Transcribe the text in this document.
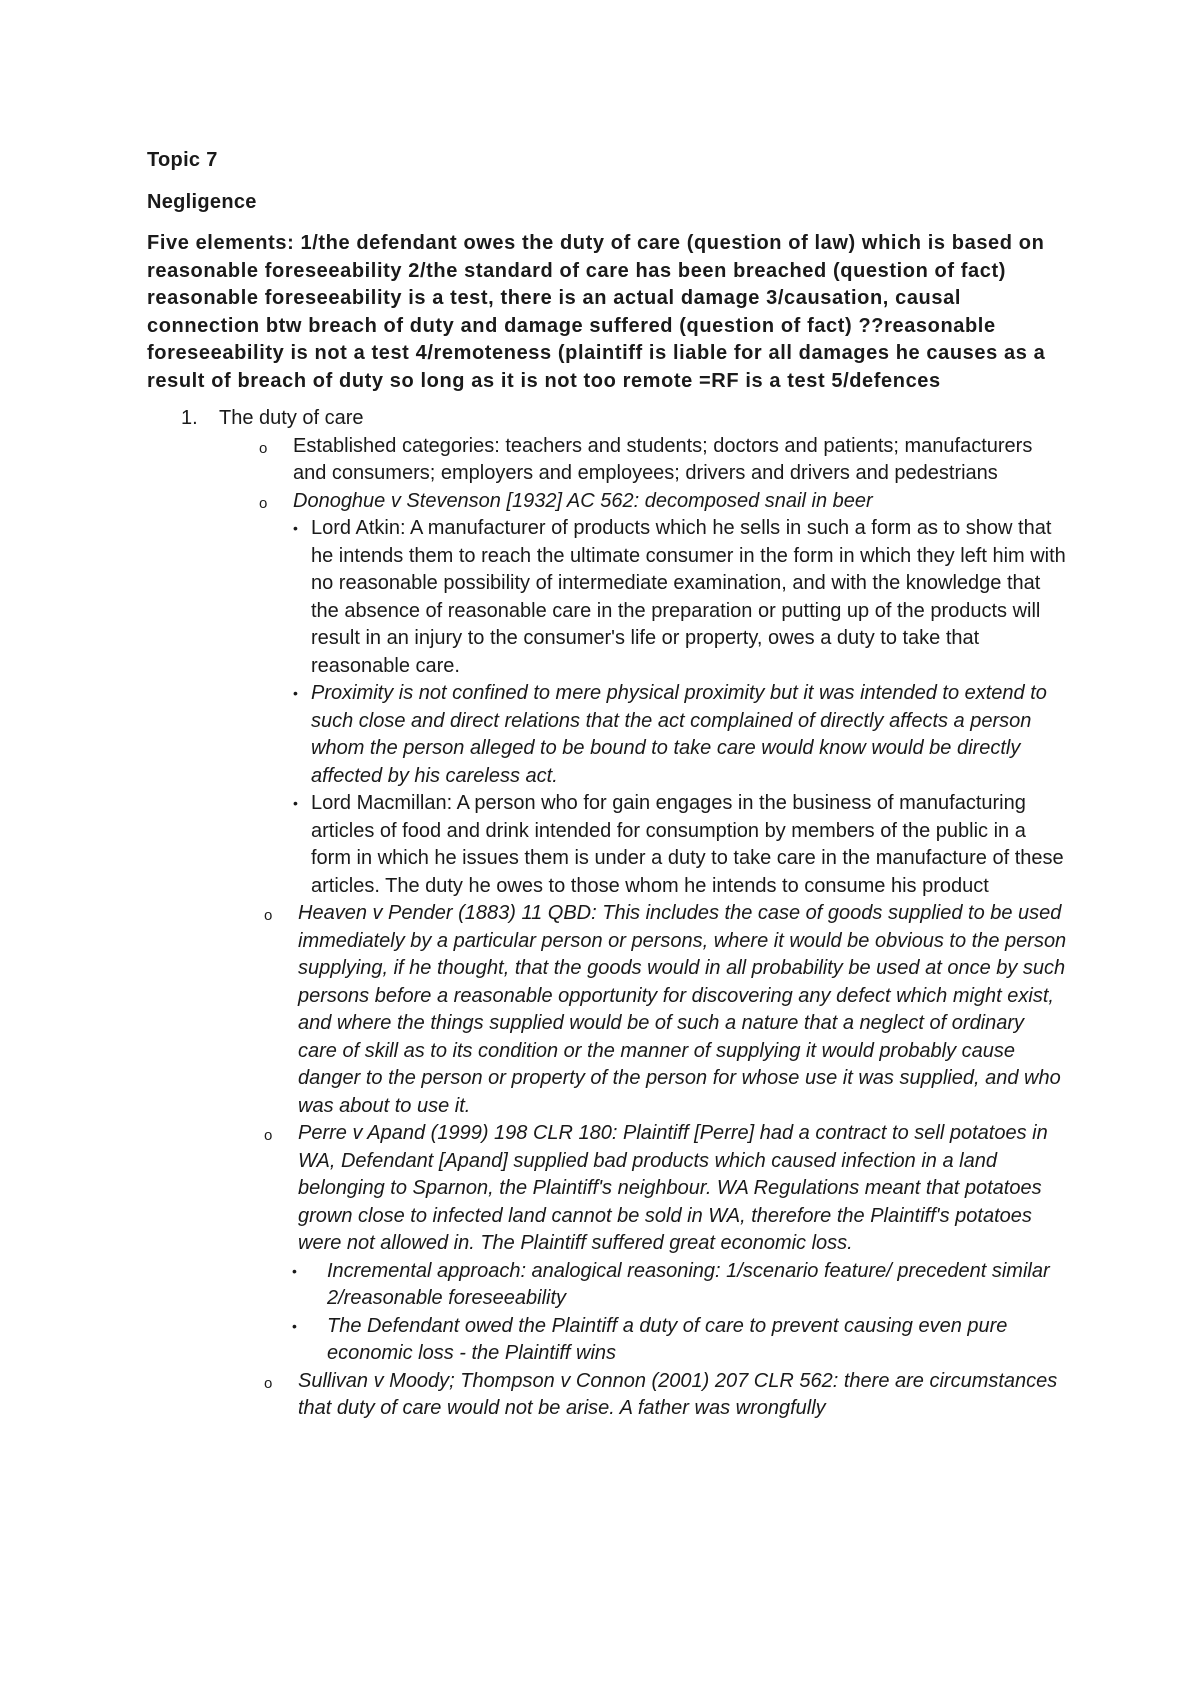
Topic 7
Negligence
Five elements: 1/the defendant owes the duty of care (question of law) which is based on reasonable foreseeability 2/the standard of care has been breached (question of fact) reasonable foreseeability is a test, there is an actual damage 3/causation, causal connection btw breach of duty and damage suffered (question of fact) ??reasonable foreseeability is not a test 4/remoteness (plaintiff is liable for all damages he causes as a result of breach of duty so long as it is not too remote =RF is a test 5/defences
1. The duty of care
o Established categories: teachers and students; doctors and patients; manufacturers and consumers; employers and employees; drivers and drivers and pedestrians
o Donoghue v Stevenson [1932] AC 562: decomposed snail in beer
• Lord Atkin: A manufacturer of products which he sells in such a form as to show that he intends them to reach the ultimate consumer in the form in which they left him with no reasonable possibility of intermediate examination, and with the knowledge that the absence of reasonable care in the preparation or putting up of the products will result in an injury to the consumer's life or property, owes a duty to take that reasonable care.
• Proximity is not confined to mere physical proximity but it was intended to extend to such close and direct relations that the act complained of directly affects a person whom the person alleged to be bound to take care would know would be directly affected by his careless act.
• Lord Macmillan: A person who for gain engages in the business of manufacturing articles of food and drink intended for consumption by members of the public in a form in which he issues them is under a duty to take care in the manufacture of these articles. The duty he owes to those whom he intends to consume his product
o Heaven v Pender (1883) 11 QBD: This includes the case of goods supplied to be used immediately by a particular person or persons, where it would be obvious to the person supplying, if he thought, that the goods would in all probability be used at once by such persons before a reasonable opportunity for discovering any defect which might exist, and where the things supplied would be of such a nature that a neglect of ordinary care of skill as to its condition or the manner of supplying it would probably cause danger to the person or property of the person for whose use it was supplied, and who was about to use it.
o Perre v Apand (1999) 198 CLR 180: Plaintiff [Perre] had a contract to sell potatoes in WA, Defendant [Apand] supplied bad products which caused infection in a land belonging to Sparnon, the Plaintiff's neighbour. WA Regulations meant that potatoes grown close to infected land cannot be sold in WA, therefore the Plaintiff's potatoes were not allowed in. The Plaintiff suffered great economic loss.
• Incremental approach: analogical reasoning: 1/scenario feature/ precedent similar 2/reasonable foreseeability
• The Defendant owed the Plaintiff a duty of care to prevent causing even pure economic loss - the Plaintiff wins
o Sullivan v Moody; Thompson v Connon (2001) 207 CLR 562: there are circumstances that duty of care would not be arise. A father was wrongfully
